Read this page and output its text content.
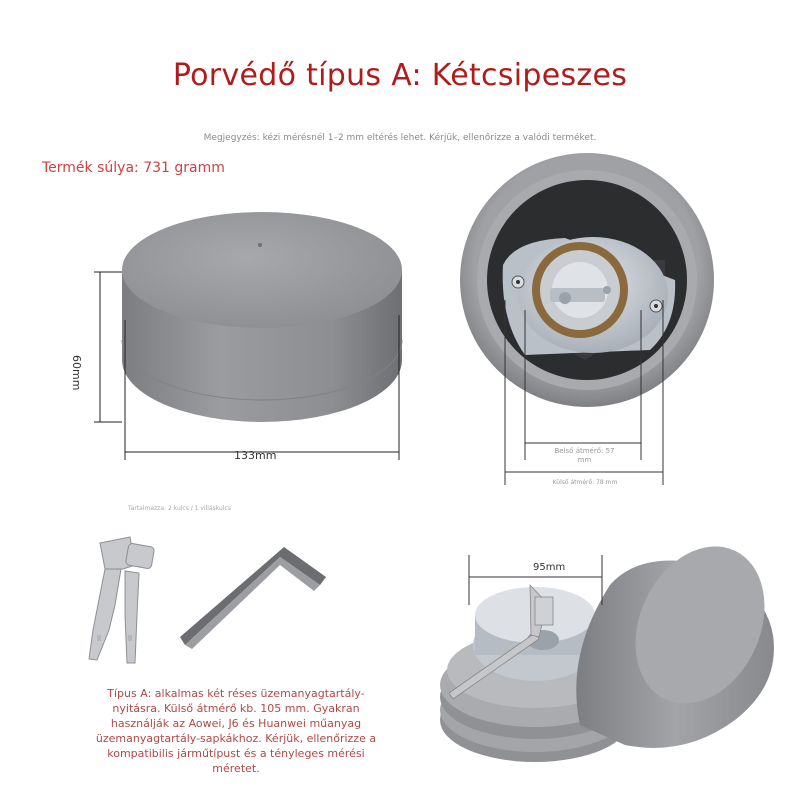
Porvédő típus A: Kétcsipeszes
Megjegyzés: kézi mérésnél 1–2 mm eltérés lehet. Kérjük, ellenőrizze a valódi terméket.
Termék súlya: 731 gramm
60mm
133mm	Belső átmérő: 57
mm
Külső átmérő: 78 mm
Tartalmazza: 2 kulcs / 1 villáskulcs
95mm
Típus A: alkalmas két réses üzemanyagtartály-nyitásra. Külső átmérő kb. 105 mm. Gyakran használják az Aowei, J6 és Huanwei műanyag üzemanyagtartály-sapkákhoz. Kérjük, ellenőrizze a kompatibilis járműtípust és a tényleges mérési méretet.
